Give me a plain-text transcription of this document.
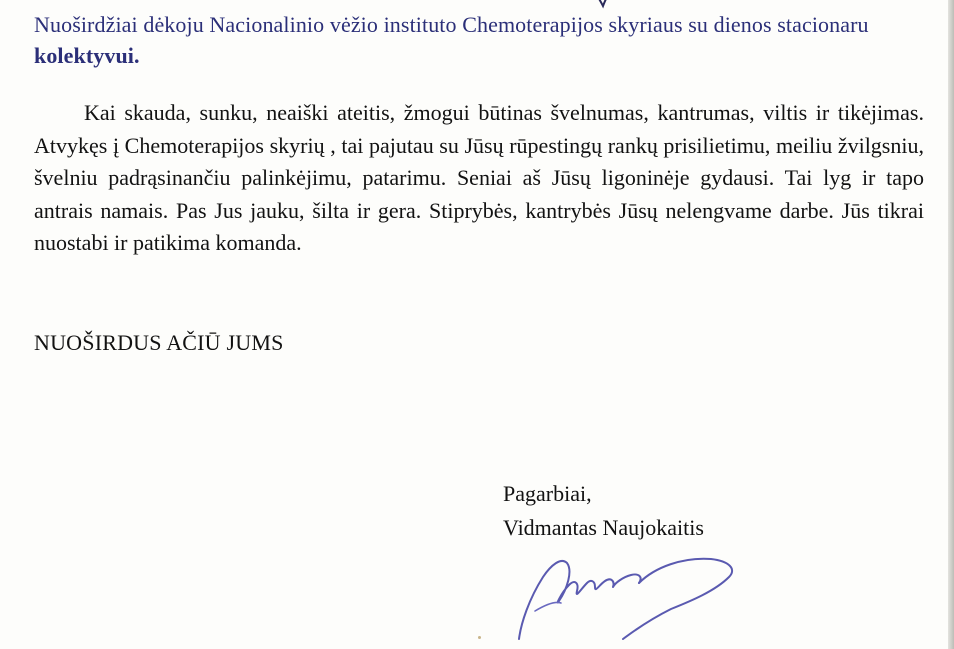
Nuoširdžiai dėkoju Nacionalinio vėžio instituto Chemoterapijos skyriaus su dienos stacionaru kolektyvui.

Kai skauda, sunku, neaiški ateitis, žmogui būtinas švelnumas, kantrumas, viltis ir tikėjimas. Atvykęs į Chemoterapijos skyrių , tai pajutau su Jūsų rūpestingų rankų prisilietimu, meiliu žvilgsniu, švelniu padrąsinančiu palinkėjimu, patarimu. Seniai aš Jūsų ligoninėje gydausi. Tai lyg ir tapo antrais namais. Pas Jus jauku, šilta ir gera. Stiprybės, kantrybės Jūsų nelengvame darbe. Jūs tikrai nuostabi ir patikima komanda.

NUOŠIRDUS AČIŪ JUMS
Pagarbiai,
Vidmantas Naujokaitis
